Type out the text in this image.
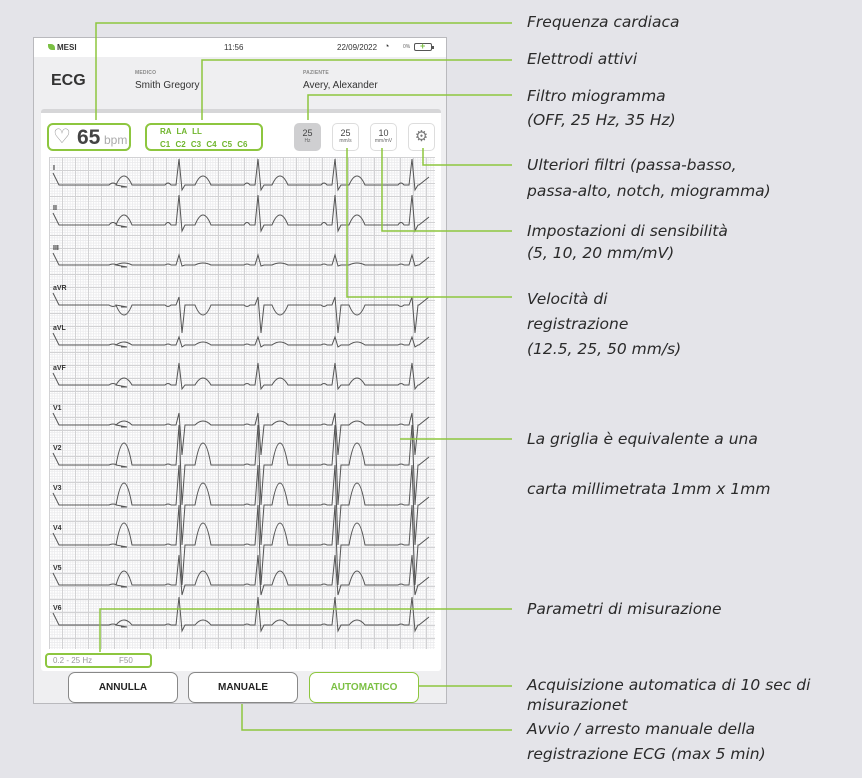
MESI	11:56	22/09/2022 ◔	0% +
ECG	MEDICO
Smith Gregory
PAZIENTE
Avery, Alexander
♡ 65 bpm
RA LA LL
C1 C2 C3 C4 C5 C6
25
Hz
25
mm/s
10
mm/mV	⚙
I
II
III
aVR
aVL
aVF
V1
V2
V3
V4
V5
V6
0.2 - 25 Hz	F50
ANNULLA	MANUALE	AUTOMATICO
Frequenza cardiaca
Elettrodi attivi
Filtro miogramma
(OFF, 25 Hz, 35 Hz)
Ulteriori filtri (passa-basso,
passa-alto, notch, miogramma)
Impostazioni di sensibilità
(5, 10, 20 mm/mV)
Velocità di
registrazione
(12.5, 25, 50 mm/s)
La griglia è equivalente a una
carta millimetrata 1mm x 1mm
Parametri di misurazione
Acquisizione automatica di 10 sec di
misurazionet
Avvio / arresto manuale della
registrazione ECG (max 5 min)
